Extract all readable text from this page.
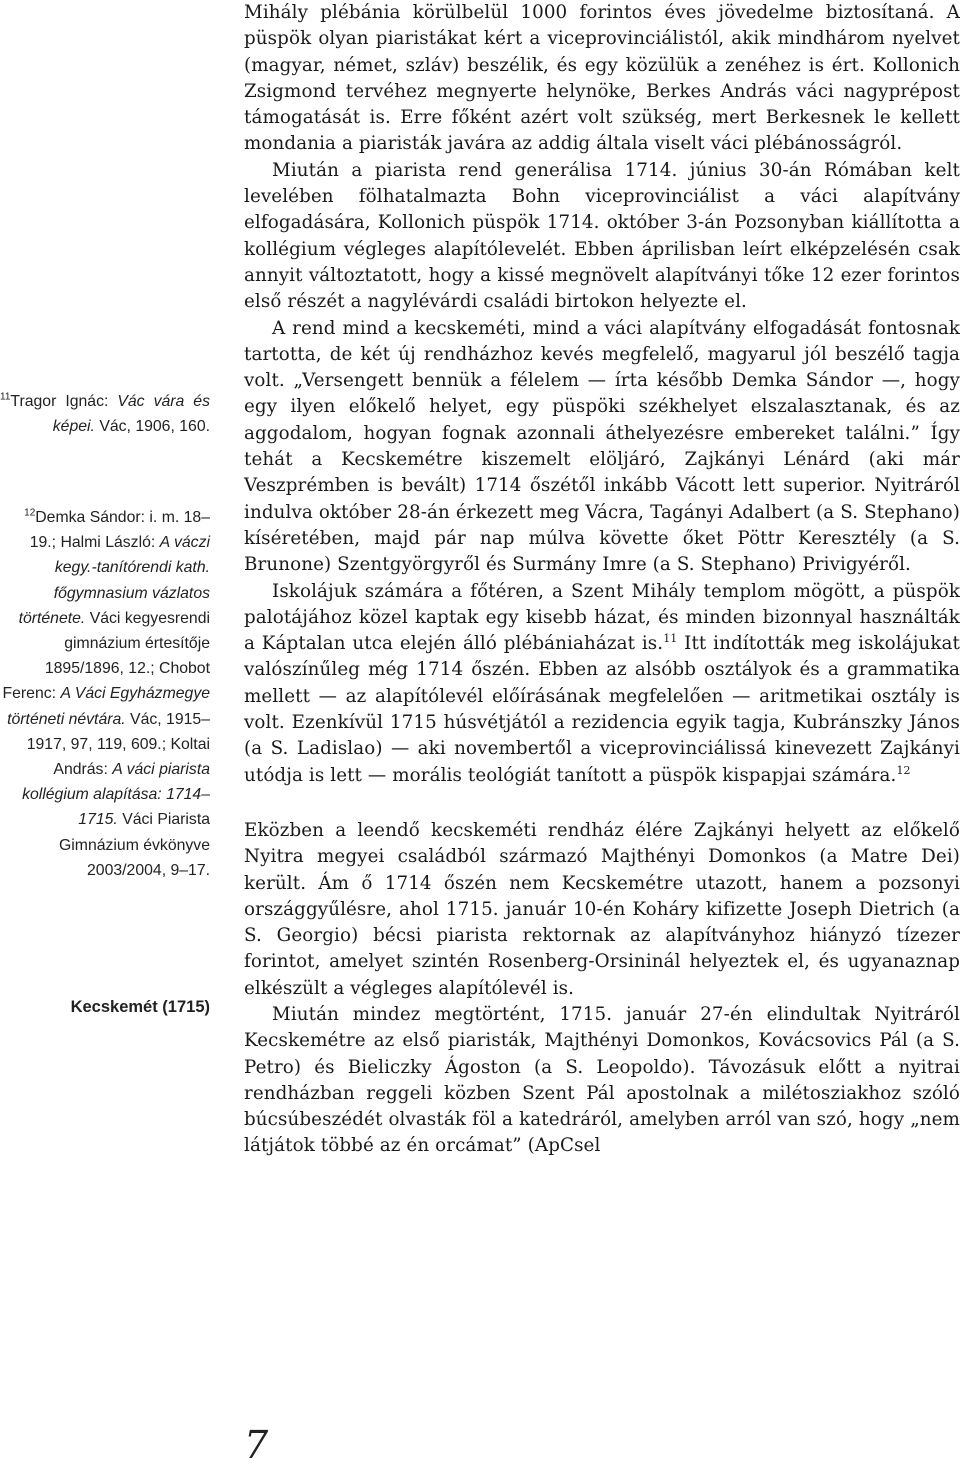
$^{11}$Tragor Ignác: Vác vára és képei. Vác, 1906, 160.
$^{12}$Demka Sándor: i. m. 18–19.; Halmi László: A váczi kegy.-tanítórendi kath. főgymnasium vázlatos története. Váci kegyesrendi gimnázium értesítője 1895/1896, 12.; Chobot Ferenc: A Váci Egyházmegye történeti névtára. Vác, 1915–1917, 97, 119, 609.; Koltai András: A váci piarista kollégium alapítása: 1714–1715. Váci Piarista Gimnázium évkönyve 2003/2004, 9–17.
Kecskemét (1715)

Mihály plébánia körülbelül 1000 forintos éves jövedelme biztosítaná. A püspök olyan piaristákat kért a viceprovinciálistól, akik mindhárom nyelvet (magyar, német, szláv) beszélik, és egy közülük a zenéhez is ért. Kollonich Zsigmond tervéhez megnyerte helynöke, Berkes András váci nagyprépost támogatását is. Erre főként azért volt szükség, mert Berkesnek le kellett mondania a piaristák javára az addig általa viselt váci plébánosságról.

Miután a piarista rend generálisa 1714. június 30-án Rómában kelt levelében fölhatalmazta Bohn viceprovinciálist a váci alapítvány elfogadására, Kollonich püspök 1714. október 3-án Pozsonyban kiállította a kollégium végleges alapítólevelét. Ebben áprilisban leírt elképzelésén csak annyit változtatott, hogy a kissé megnövelt alapítványi tőke 12 ezer forintos első részét a nagylévárdi családi birtokon helyezte el.

A rend mind a kecskeméti, mind a váci alapítvány elfogadását fontosnak tartotta, de két új rendházhoz kevés megfelelő, magyarul jól beszélő tagja volt. „Versengett bennük a félelem — írta később Demka Sándor —, hogy egy ilyen előkelő helyet, egy püspöki székhelyet elszalasztanak, és az aggodalom, hogyan fognak azonnali áthelyezésre embereket találni.” Így tehát a Kecskemétre kiszemelt elöljáró, Zajkányi Lénárd (aki már Veszprémben is bevált) 1714 őszétől inkább Vácott lett superior. Nyitráról indulva október 28-án érkezett meg Vácra, Tagányi Adalbert (a S. Stephano) kíséretében, majd pár nap múlva követte őket Pöttr Keresztély (a S. Brunone) Szentgyörgyről és Surmány Imre (a S. Stephano) Privigyéről.

Iskolájuk számára a főtéren, a Szent Mihály templom mögött, a püspök palotájához közel kaptak egy kisebb házat, és minden bizonnyal használták a Káptalan utca elején álló plébániaházat is.$^{11}$ Itt indították meg iskolájukat valószínűleg még 1714 őszén. Ebben az alsóbb osztályok és a grammatika mellett — az alapítólevél előírásának megfelelően — aritmetikai osztály is volt. Ezenkívül 1715 húsvétjától a rezidencia egyik tagja, Kubránszky János (a S. Ladislao) — aki novembertől a viceprovinciálissá kinevezett Zajkányi utódja is lett — morális teológiát tanított a püspök kispapjai számára.$^{12}$

Eközben a leendő kecskeméti rendház élére Zajkányi helyett az előkelő Nyitra megyei családból származó Majthényi Domonkos (a Matre Dei) került. Ám ő 1714 őszén nem Kecskemétre utazott, hanem a pozsonyi országgyűlésre, ahol 1715. január 10-én Koháry kifizette Joseph Dietrich (a S. Georgio) bécsi piarista rektornak az alapítványhoz hiányzó tízezer forintot, amelyet szintén Rosenberg-Orsininál helyeztek el, és ugyanaznap elkészült a végleges alapítólevél is.

Miután mindez megtörtént, 1715. január 27-én elindultak Nyitráról Kecskemétre az első piaristák, Majthényi Domonkos, Kovácsovics Pál (a S. Petro) és Bieliczky Ágoston (a S. Leopoldo). Távozásuk előtt a nyitrai rendházban reggeli közben Szent Pál apostolnak a milétosziakhoz szóló búcsúbeszédét olvasták föl a katedráról, amelyben arról van szó, hogy „nem látjátok többé az én orcámat” (ApCsel

7
